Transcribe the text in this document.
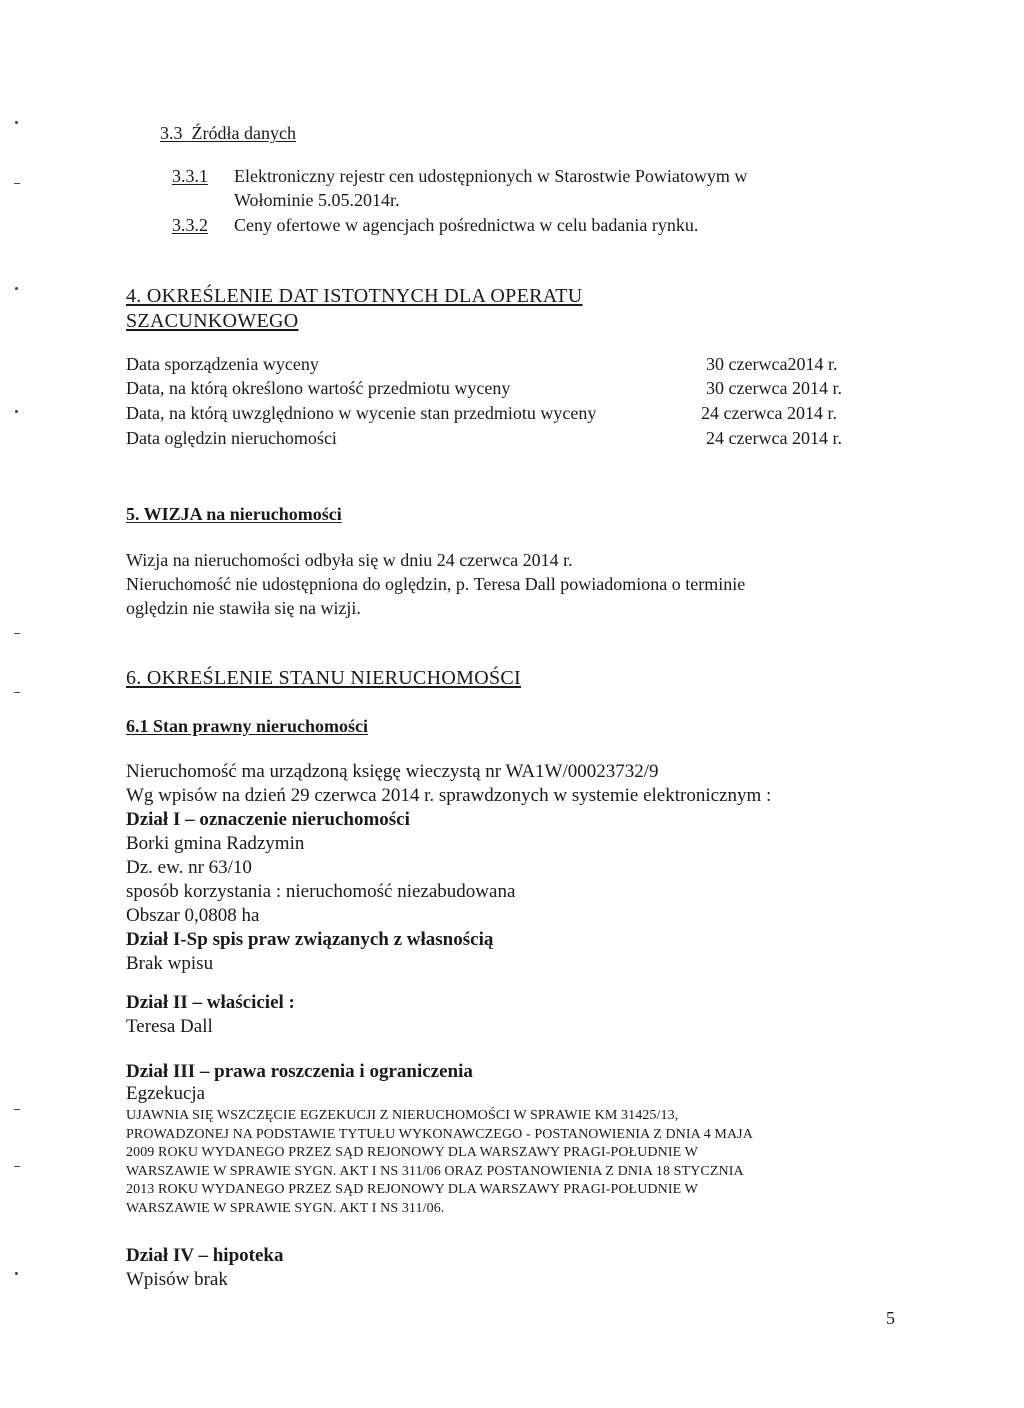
3.3 Źródła danych
3.3.1 Elektroniczny rejestr cen udostępnionych w Starostwie Powiatowym w
Wołominie 5.05.2014r.
3.3.2 Ceny ofertowe w agencjach pośrednictwa w celu badania rynku.
4. OKREŚLENIE DAT ISTOTNYCH DLA OPERATU
SZACUNKOWEGO
Data sporządzenia wyceny	30 czerwca2014 r.
Data, na którą określono wartość przedmiotu wyceny	30 czerwca 2014 r.
Data, na którą uwzględniono w wycenie stan przedmiotu wyceny	24 czerwca 2014 r.
Data oględzin nieruchomości	24 czerwca 2014 r.
5. WIZJA na nieruchomości
Wizja na nieruchomości odbyła się w dniu 24 czerwca 2014 r.
Nieruchomość nie udostępniona do oględzin, p. Teresa Dall powiadomiona o terminie
oględzin nie stawiła się na wizji.
6. OKREŚLENIE STANU NIERUCHOMOŚCI
6.1 Stan prawny nieruchomości
Nieruchomość ma urządzoną księgę wieczystą nr WA1W/00023732/9
Wg wpisów na dzień 29 czerwca 2014 r. sprawdzonych w systemie elektronicznym :
Dział I – oznaczenie nieruchomości
Borki gmina Radzymin
Dz. ew. nr 63/10
sposób korzystania : nieruchomość niezabudowana
Obszar 0,0808 ha
Dział I-Sp spis praw związanych z własnością
Brak wpisu
Dział II – właściciel :
Teresa Dall
Dział III – prawa roszczenia i ograniczenia
Egzekucja
UJAWNIA SIĘ WSZCZĘCIE EGZEKUCJI Z NIERUCHOMOŚCI W SPRAWIE KM 31425/13,
PROWADZONEJ NA PODSTAWIE TYTUŁU WYKONAWCZEGO - POSTANOWIENIA Z DNIA 4 MAJA
2009 ROKU WYDANEGO PRZEZ SĄD REJONOWY DLA WARSZAWY PRAGI-POŁUDNIE W
WARSZAWIE W SPRAWIE SYGN. AKT I NS 311/06 ORAZ POSTANOWIENIA Z DNIA 18 STYCZNIA
2013 ROKU WYDANEGO PRZEZ SĄD REJONOWY DLA WARSZAWY PRAGI-POŁUDNIE W
WARSZAWIE W SPRAWIE SYGN. AKT I NS 311/06.
Dział IV – hipoteka
Wpisów brak
5
